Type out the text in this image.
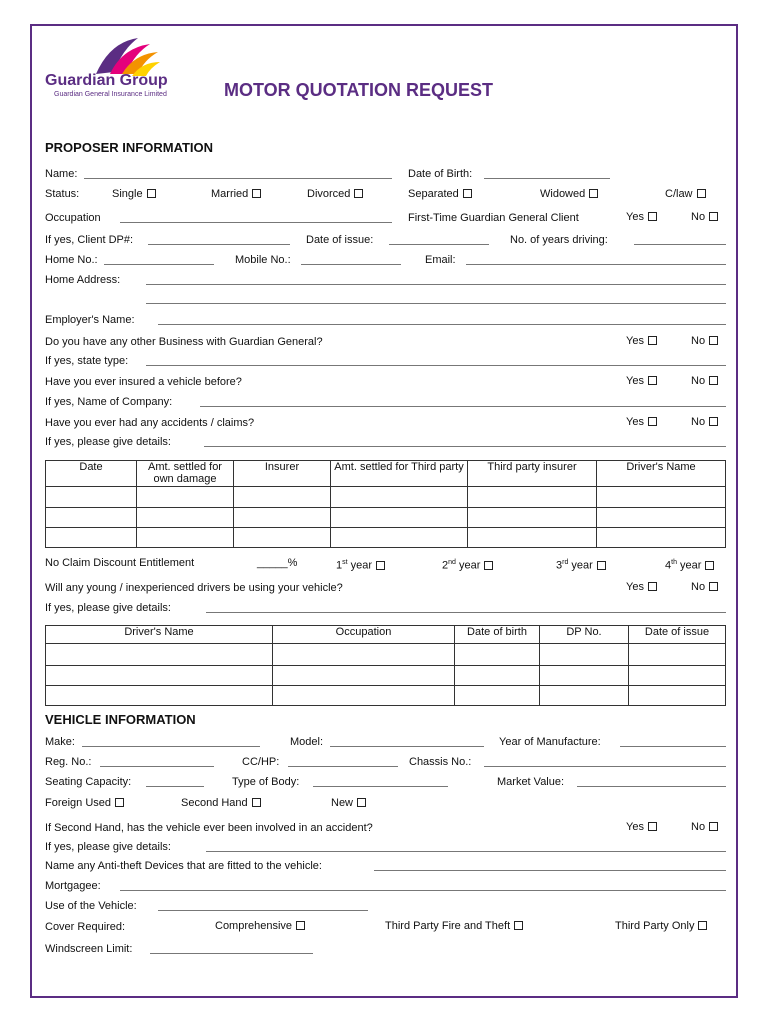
Guardian Group
Guardian General Insurance Limited	MOTOR QUOTATION REQUEST
PROPOSER INFORMATION
Name:	Date of Birth:
Status:	Single	Married	Divorced	Separated	Widowed	C/law
Occupation	First-Time Guardian General Client	Yes	No
If yes, Client DP#:	Date of issue:	No. of years driving:
Home No.:	Mobile No.:	Email:
Home Address:
Employer's Name:
Do you have any other Business with Guardian General?	Yes	No
If yes, state type:
Have you ever insured a vehicle before?	Yes	No
If yes, Name of Company:
Have you ever had any accidents / claims?	Yes	No
If yes, please give details:
Date	Amt. settled for own damage	Insurer	Amt. settled for Third party	Third party insurer	Driver's Name

No Claim Discount Entitlement	_____%	1st year	2nd year	3rd year	4th year
Will any young / inexperienced drivers be using your vehicle?	Yes	No
If yes, please give details:
Driver's Name	Occupation	Date of birth	DP No.	Date of issue

VEHICLE INFORMATION
Make:	Model:	Year of Manufacture:
Reg. No.:	CC/HP:	Chassis No.:
Seating Capacity:	Type of Body:	Market Value:
Foreign Used	Second Hand	New
If Second Hand, has the vehicle ever been involved in an accident?	Yes	No
If yes, please give details:
Name any Anti-theft Devices that are fitted to the vehicle:
Mortgagee:
Use of the Vehicle:
Cover Required:	Comprehensive	Third Party Fire and Theft	Third Party Only
Windscreen Limit:
